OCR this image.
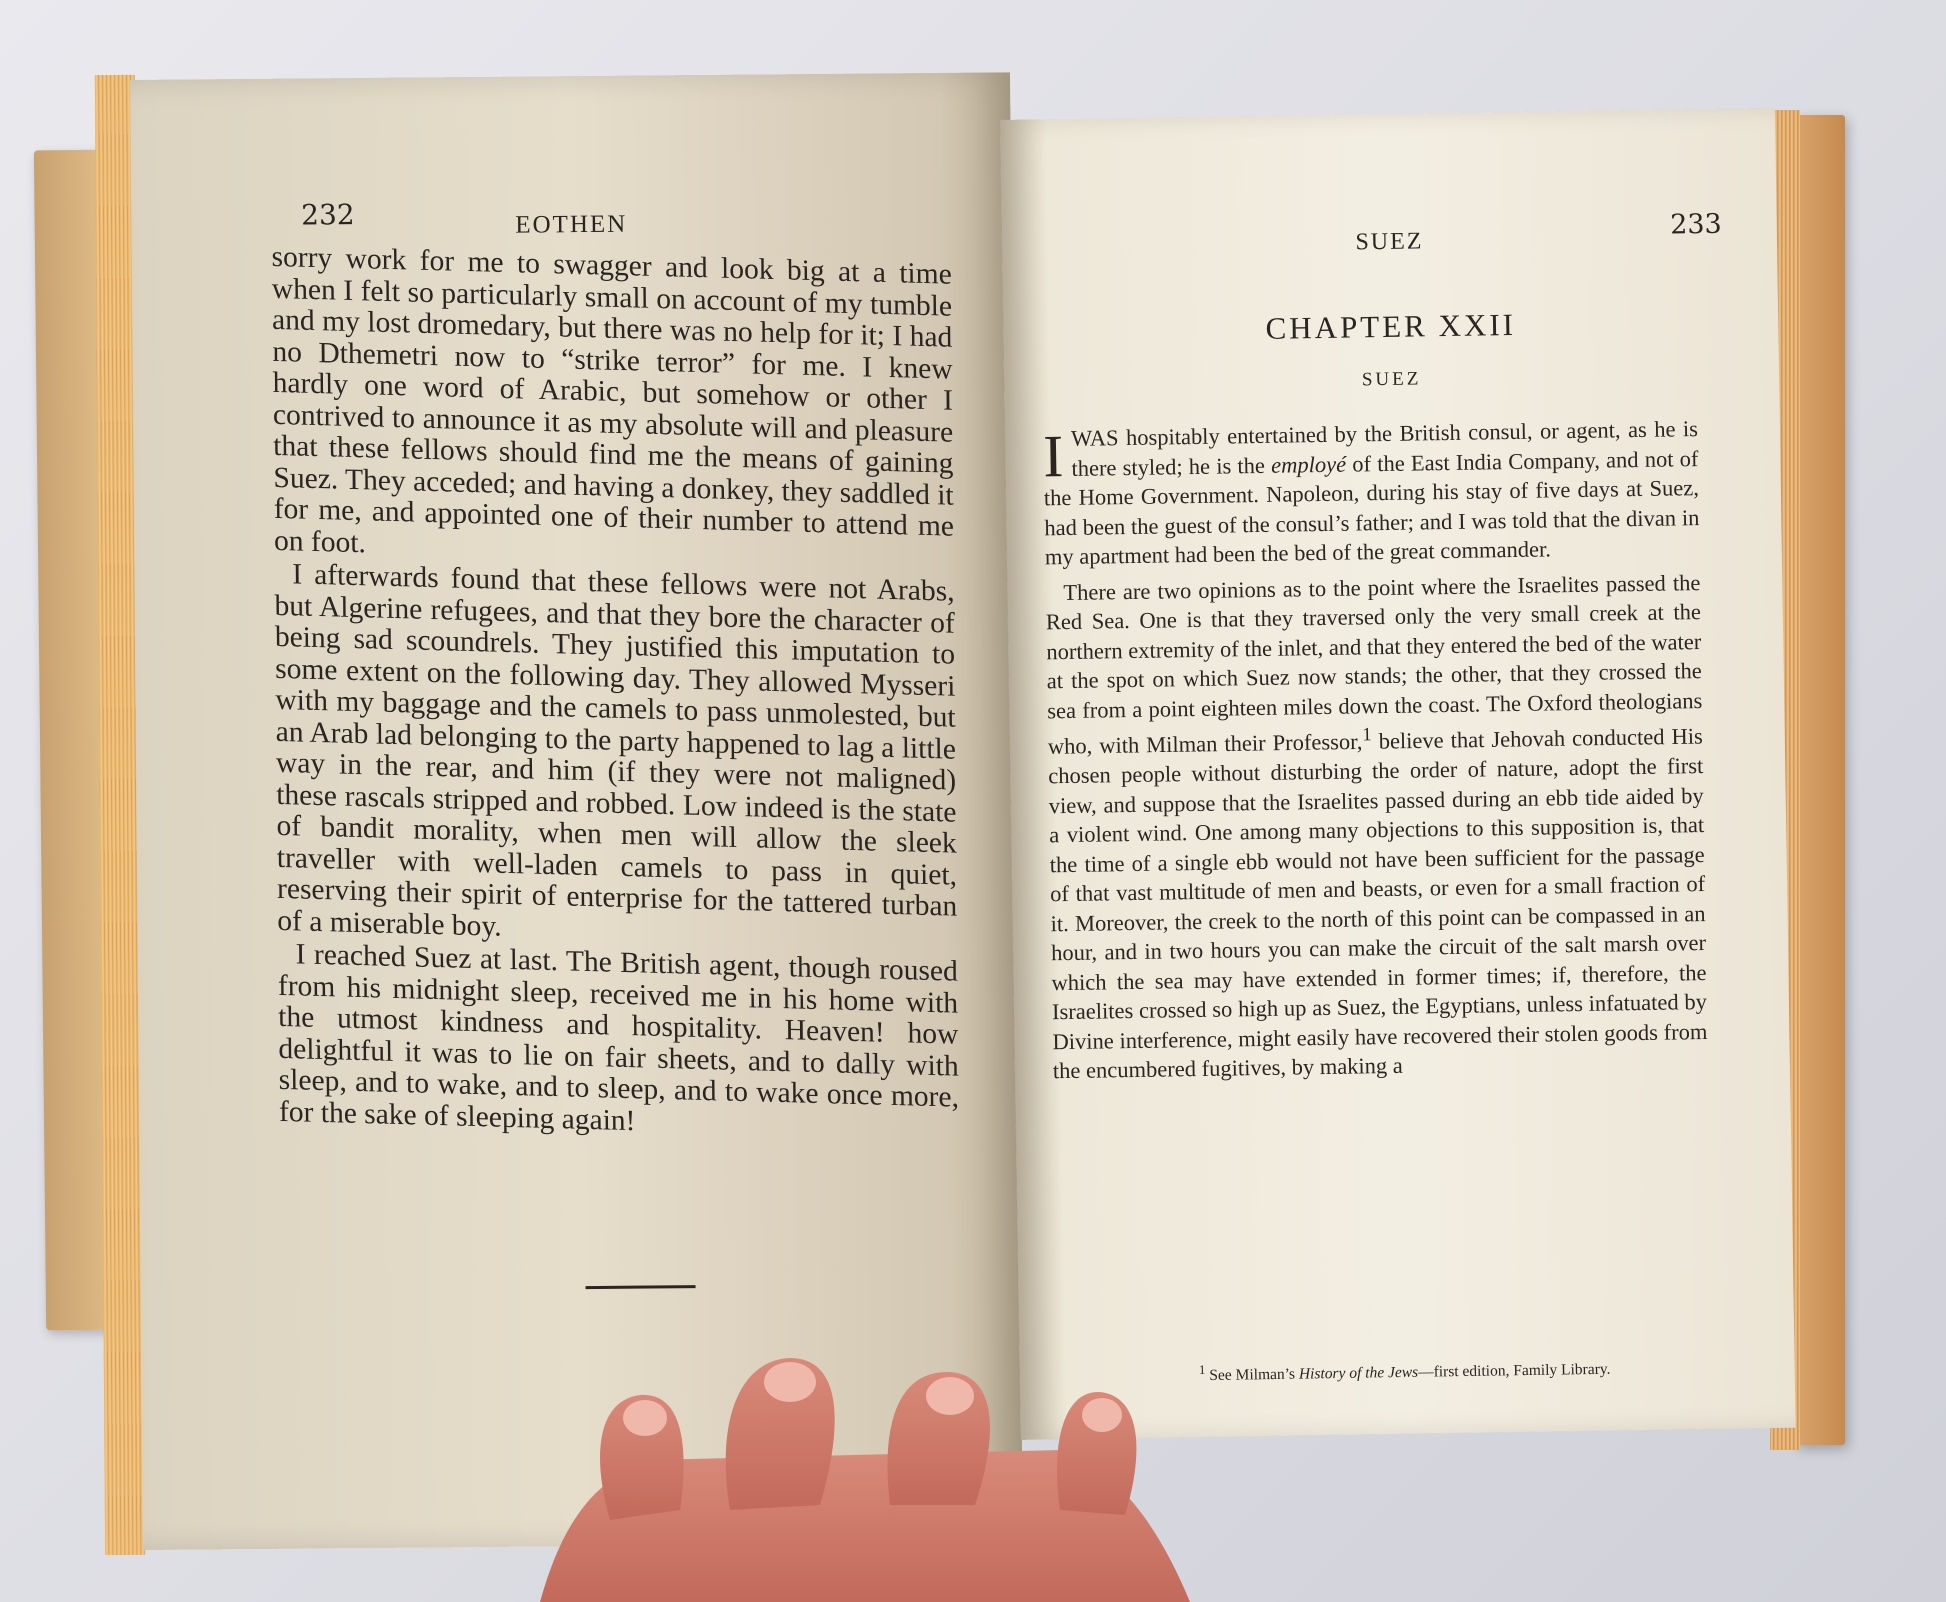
232	EOTHEN

sorry work for me to swagger and look big at a time when I felt so particularly small on account of my tumble and my lost dromedary, but there was no help for it; I had no Dthemetri now to “strike terror” for me. I knew hardly one word of Arabic, but somehow or other I contrived to announce it as my absolute will and pleasure that these fellows should find me the means of gaining Suez. They acceded; and having a donkey, they saddled it for me, and appointed one of their number to attend me on foot.

I afterwards found that these fellows were not Arabs, but Algerine refugees, and that they bore the character of being sad scoundrels. They justified this imputation to some extent on the following day. They allowed Mysseri with my baggage and the camels to pass unmolested, but an Arab lad belonging to the party happened to lag a little way in the rear, and him (if they were not maligned) these rascals stripped and robbed. Low indeed is the state of bandit morality, when men will allow the sleek traveller with well-laden camels to pass in quiet, reserving their spirit of enterprise for the tattered turban of a miserable boy.

I reached Suez at last. The British agent, though roused from his midnight sleep, received me in his home with the utmost kindness and hospitality. Heaven! how delightful it was to lie on fair sheets, and to dally with sleep, and to wake, and to sleep, and to wake once more, for the sake of sleeping again!

SUEZ
233
CHAPTER XXII
SUEZ

IWAS hospitably entertained by the British consul, or agent, as he is there styled; he is the employé of the East India Company, and not of the Home Government. Napoleon, during his stay of five days at Suez, had been the guest of the consul’s father; and I was told that the divan in my apartment had been the bed of the great commander.

There are two opinions as to the point where the Israelites passed the Red Sea. One is that they traversed only the very small creek at the northern extremity of the inlet, and that they entered the bed of the water at the spot on which Suez now stands; the other, that they crossed the sea from a point eighteen miles down the coast. The Oxford theologians who, with Milman their Professor,$^1$ believe that Jehovah conducted His chosen people without disturbing the order of nature, adopt the first view, and suppose that the Israelites passed during an ebb tide aided by a violent wind. One among many objections to this supposition is, that the time of a single ebb would not have been sufficient for the passage of that vast multitude of men and beasts, or even for a small fraction of it. Moreover, the creek to the north of this point can be compassed in an hour, and in two hours you can make the circuit of the salt marsh over which the sea may have extended in former times; if, therefore, the Israelites crossed so high up as Suez, the Egyptians, unless infatuated by Divine interference, might easily have recovered their stolen goods from the encumbered fugitives, by making a

$^1$ See Milman’s History of the Jews—first edition, Family Library.
